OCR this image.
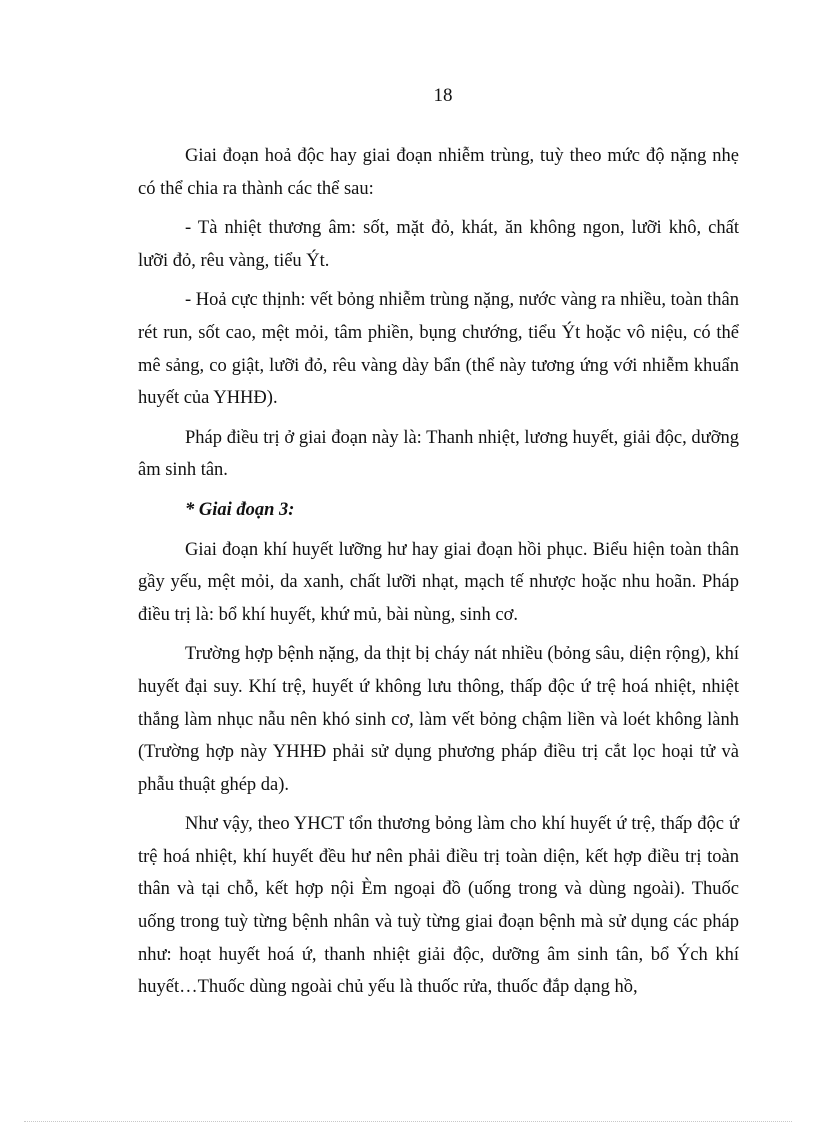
18

Giai đoạn hoả độc hay giai đoạn nhiễm trùng, tuỳ theo mức độ nặng nhẹ có thể chia ra thành các thể sau:

- Tà nhiệt thương âm: sốt, mặt đỏ, khát, ăn không ngon, lưỡi khô, chất lưỡi đỏ, rêu vàng, tiểu Ýt.

- Hoả cực thịnh: vết bỏng nhiễm trùng nặng, nước vàng ra nhiều, toàn thân rét run, sốt cao, mệt mỏi, tâm phiền, bụng chướng, tiểu Ýt hoặc vô niệu, có thể mê sảng, co giật, lưỡi đỏ, rêu vàng dày bẩn (thể này tương ứng với nhiễm khuẩn huyết của YHHĐ).

Pháp điều trị ở giai đoạn này là: Thanh nhiệt, lương huyết, giải độc, dưỡng âm sinh tân.

* Giai đoạn 3:

Giai đoạn khí huyết lưỡng hư hay giai đoạn hồi phục. Biểu hiện toàn thân gầy yếu, mệt mỏi, da xanh, chất lưỡi nhạt, mạch tế nhược hoặc nhu hoãn. Pháp điều trị là: bổ khí huyết, khứ mủ, bài nùng, sinh cơ.

Trường hợp bệnh nặng, da thịt bị cháy nát nhiều (bỏng sâu, diện rộng), khí huyết đại suy. Khí trệ, huyết ứ không lưu thông, thấp độc ứ trệ hoá nhiệt, nhiệt thắng làm nhục nẫu nên khó sinh cơ, làm vết bỏng chậm liền và loét không lành (Trường hợp này YHHĐ phải sử dụng phương pháp điều trị cắt lọc hoại tử và phẫu thuật ghép da).

Như vậy, theo YHCT tổn thương bỏng làm cho khí huyết ứ trệ, thấp độc ứ trệ hoá nhiệt, khí huyết đều hư nên phải điều trị toàn diện, kết hợp điều trị toàn thân và tại chỗ, kết hợp nội Èm ngoại đồ (uống trong và dùng ngoài). Thuốc uống trong tuỳ từng bệnh nhân và tuỳ từng giai đoạn bệnh mà sử dụng các pháp như: hoạt huyết hoá ứ, thanh nhiệt giải độc, dưỡng âm sinh tân, bổ Ých khí huyết…Thuốc dùng ngoài chủ yếu là thuốc rửa, thuốc đắp dạng hồ,
